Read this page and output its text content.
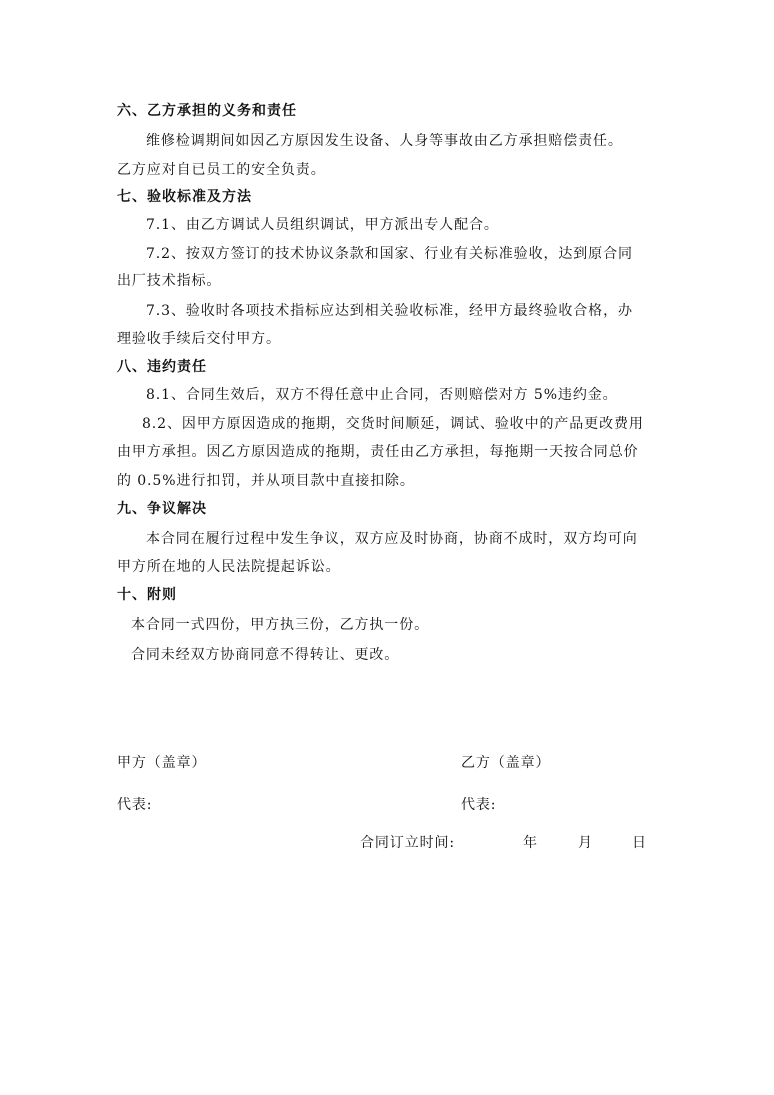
六、乙方承担的义务和责任
维修检调期间如因乙方原因发生设备、人身等事故由乙方承担赔偿责任。
乙方应对自已员工的安全负责。
七、验收标准及方法
7.1、由乙方调试人员组织调试，甲方派出专人配合。
7.2、按双方签订的技术协议条款和国家、行业有关标准验收，达到原合同
出厂技术指标。
7.3、验收时各项技术指标应达到相关验收标准，经甲方最终验收合格，办
理验收手续后交付甲方。
八、违约责任
8.1、合同生效后，双方不得任意中止合同，否则赔偿对方 5%违约金。
8.2、因甲方原因造成的拖期，交货时间顺延，调试、验收中的产品更改费用
由甲方承担。因乙方原因造成的拖期，责任由乙方承担，每拖期一天按合同总价
的 0.5%进行扣罚，并从项目款中直接扣除。
九、争议解决
本合同在履行过程中发生争议，双方应及时协商，协商不成时，双方均可向
甲方所在地的人民法院提起诉讼。
十、附则
本合同一式四份，甲方执三份，乙方执一份。
合同未经双方协商同意不得转让、更改。
甲方（盖章）	乙方（盖章）
代表:	代表:
合同订立时间:	年	月	日
